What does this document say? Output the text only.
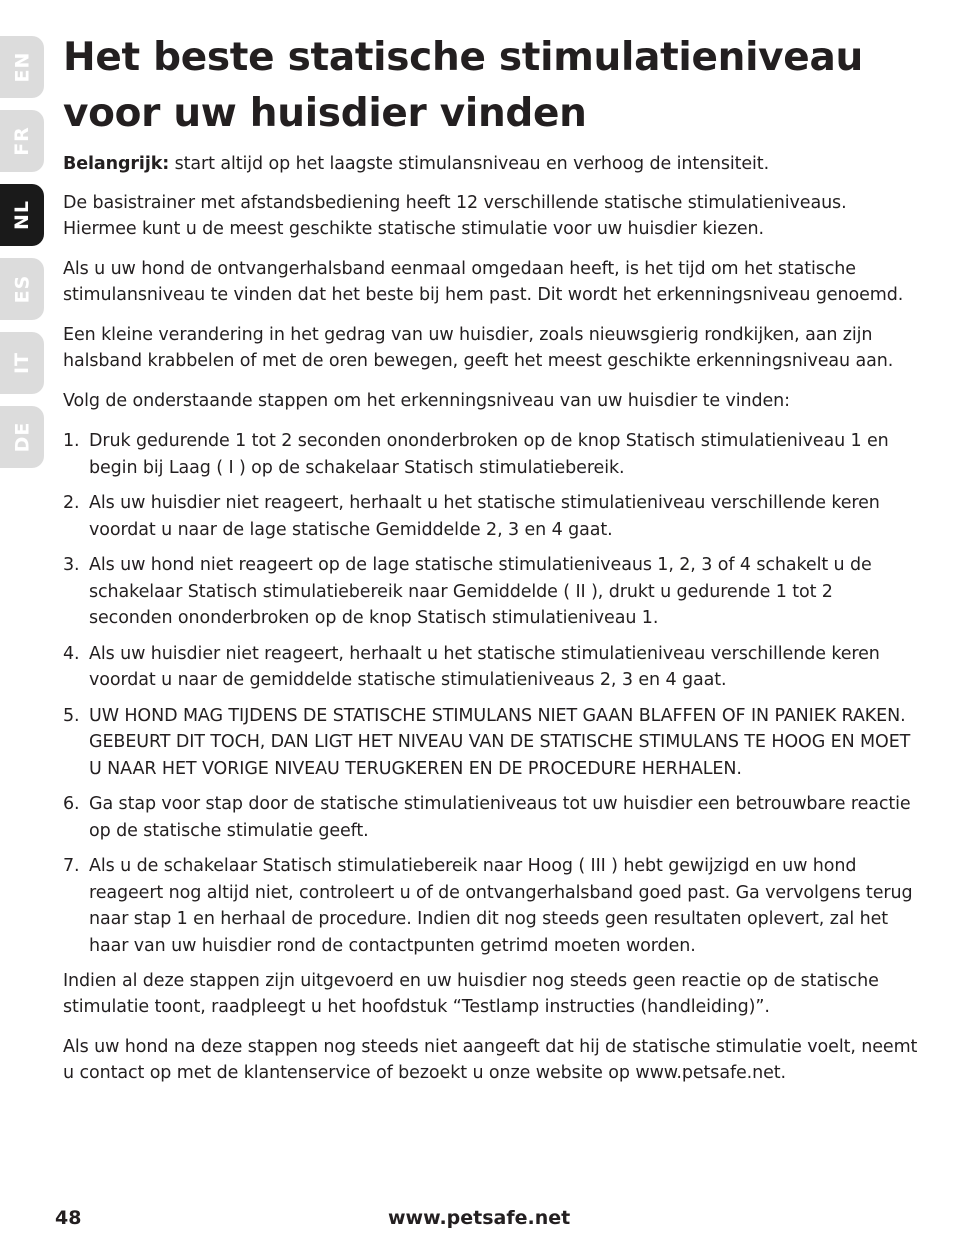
EN
FR
NL
ES
IT
DE
Het beste statische stimulatieniveau
voor uw huisdier vinden

Belangrijk: start altijd op het laagste stimulansniveau en verhoog de intensiteit.

De basistrainer met afstandsbediening heeft 12 verschillende statische stimulatieniveaus. Hiermee kunt u de meest geschikte statische stimulatie voor uw huisdier kiezen.

Als u uw hond de ontvangerhalsband eenmaal omgedaan heeft, is het tijd om het statische stimulansniveau te vinden dat het beste bij hem past. Dit wordt het erkenningsniveau genoemd.

Een kleine verandering in het gedrag van uw huisdier, zoals nieuwsgierig rondkijken, aan zijn halsband krabbelen of met de oren bewegen, geeft het meest geschikte erkenningsniveau aan.

Volg de onderstaande stappen om het erkenningsniveau van uw huisdier te vinden:

1. Druk gedurende 1 tot 2 seconden ononderbroken op de knop Statisch stimulatieniveau 1 en begin bij Laag ( I ) op de schakelaar Statisch stimulatiebereik.
2. Als uw huisdier niet reageert, herhaalt u het statische stimulatieniveau verschillende keren voordat u naar de lage statische Gemiddelde 2, 3 en 4 gaat.
3. Als uw hond niet reageert op de lage statische stimulatieniveaus 1, 2, 3 of 4 schakelt u de schakelaar Statisch stimulatiebereik naar Gemiddelde ( II ), drukt u gedurende 1 tot 2 seconden ononderbroken op de knop Statisch stimulatieniveau 1.
4. Als uw huisdier niet reageert, herhaalt u het statische stimulatieniveau verschillende keren voordat u naar de gemiddelde statische stimulatieniveaus 2, 3 en 4 gaat.
5. UW HOND MAG TIJDENS DE STATISCHE STIMULANS NIET GAAN BLAFFEN OF IN PANIEK RAKEN. GEBEURT DIT TOCH, DAN LIGT HET NIVEAU VAN DE STATISCHE STIMULANS TE HOOG EN MOET U NAAR HET VORIGE NIVEAU TERUGKEREN EN DE PROCEDURE HERHALEN.
6. Ga stap voor stap door de statische stimulatieniveaus tot uw huisdier een betrouwbare reactie op de statische stimulatie geeft.
7. Als u de schakelaar Statisch stimulatiebereik naar Hoog ( III ) hebt gewijzigd en uw hond reageert nog altijd niet, controleert u of de ontvangerhalsband goed past. Ga vervolgens terug naar stap 1 en herhaal de procedure. Indien dit nog steeds geen resultaten oplevert, zal het haar van uw huisdier rond de contactpunten getrimd moeten worden.

Indien al deze stappen zijn uitgevoerd en uw huisdier nog steeds geen reactie op de statische stimulatie toont, raadpleegt u het hoofdstuk “Testlamp instructies (handleiding)”.

Als uw hond na deze stappen nog steeds niet aangeeft dat hij de statische stimulatie voelt, neemt u contact op met de klantenservice of bezoekt u onze website op www.petsafe.net.

48	www.petsafe.net
